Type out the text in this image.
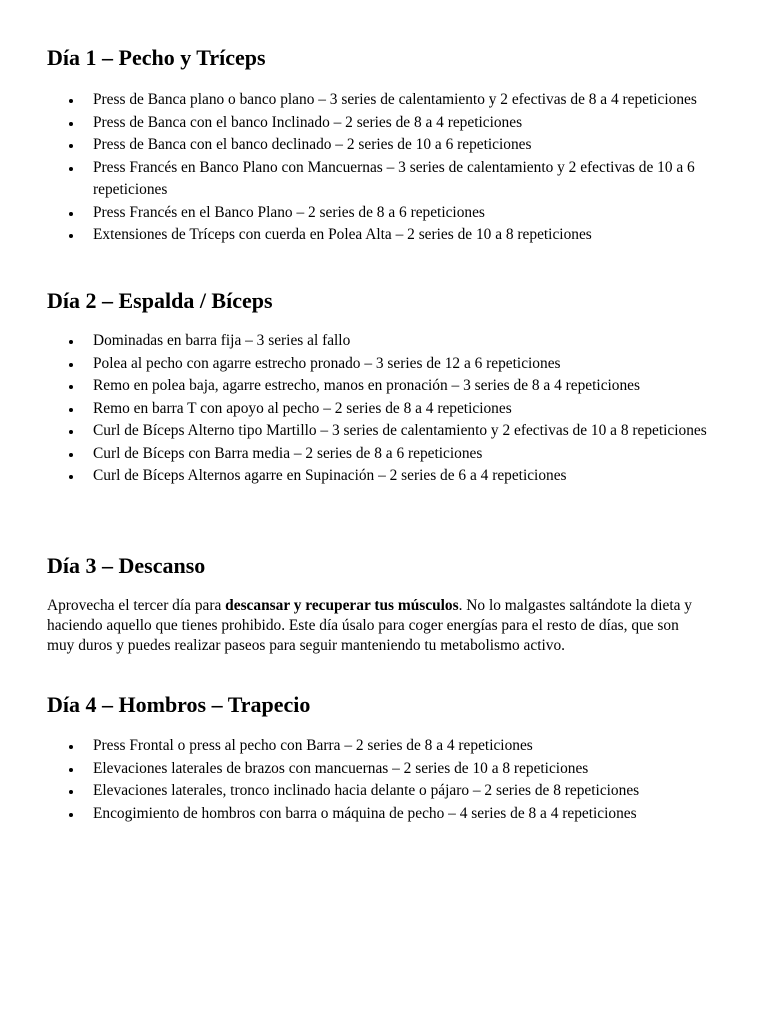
Día 1 – Pecho y Tríceps
Press de Banca plano o banco plano – 3 series de calentamiento y 2 efectivas de 8 a 4 repeticiones
Press de Banca con el banco Inclinado – 2 series de 8 a 4 repeticiones
Press de Banca con el banco declinado – 2 series de 10 a 6 repeticiones
Press Francés en Banco Plano con Mancuernas – 3 series de calentamiento y 2 efectivas de 10 a 6 repeticiones
Press Francés en el Banco Plano – 2 series de 8 a 6 repeticiones
Extensiones de Tríceps con cuerda en Polea Alta – 2 series de 10 a 8 repeticiones
Día 2 – Espalda / Bíceps
Dominadas en barra fija – 3 series al fallo
Polea al pecho con agarre estrecho pronado – 3 series de 12 a 6 repeticiones
Remo en polea baja, agarre estrecho, manos en pronación – 3 series de 8 a 4 repeticiones
Remo en barra T con apoyo al pecho – 2 series de 8 a 4 repeticiones
Curl de Bíceps Alterno tipo Martillo – 3 series de calentamiento y 2 efectivas de 10 a 8 repeticiones
Curl de Bíceps con Barra media – 2 series de 8 a 6 repeticiones
Curl de Bíceps Alternos agarre en Supinación – 2 series de 6 a 4 repeticiones
Día 3 – Descanso

Aprovecha el tercer día para descansar y recuperar tus músculos. No lo malgastes saltándote la dieta y haciendo aquello que tienes prohibido. Este día úsalo para coger energías para el resto de días, que son muy duros y puedes realizar paseos para seguir manteniendo tu metabolismo activo.

Día 4 – Hombros – Trapecio
Press Frontal o press al pecho con Barra – 2 series de 8 a 4 repeticiones
Elevaciones laterales de brazos con mancuernas – 2 series de 10 a 8 repeticiones
Elevaciones laterales, tronco inclinado hacia delante o pájaro – 2 series de 8 repeticiones
Encogimiento de hombros con barra o máquina de pecho – 4 series de 8 a 4 repeticiones
